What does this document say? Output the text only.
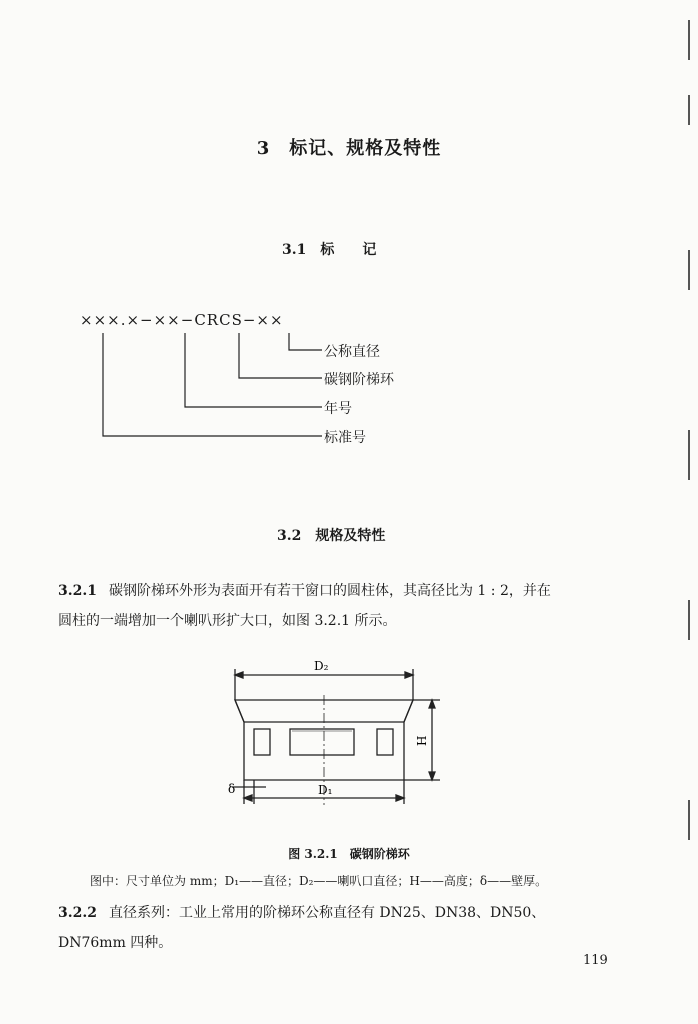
3　标记、规格及特性
3.1　标　　记
×××.×−××−CRCS−××
公称直径
碳钢阶梯环
年号
标准号
3.2　规格及特性
3.2.1 碳钢阶梯环外形为表面开有若干窗口的圆柱体，其高径比为 1 : 2，并在
圆柱的一端增加一个喇叭形扩大口，如图 3.2.1 所示。
D₂
D₁
H
δ
图 3.2.1　碳钢阶梯环
图中：尺寸单位为 mm；D₁——直径；D₂——喇叭口直径；H——高度；δ——壁厚。
3.2.2 直径系列：工业上常用的阶梯环公称直径有 DN25、DN38、DN50、
DN76mm 四种。
119
